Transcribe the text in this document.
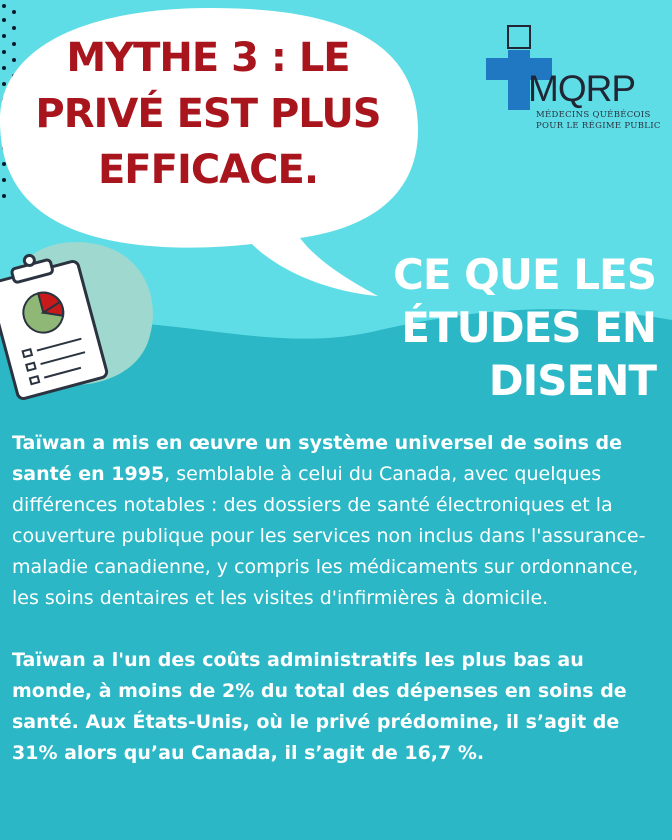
MYTHE 3 : LE
PRIVÉ EST PLUS
EFFICACE.
MQRP
MÉDECINS QUÉBÉCOIS
POUR LE RÉGIME PUBLIC
CE QUE LES
ÉTUDES EN
DISENT

Taïwan a mis en œuvre un système universel de soins de santé en 1995, semblable à celui du Canada, avec quelques différences notables : des dossiers de santé électroniques et la couverture publique pour les services non inclus dans l'assurance-maladie canadienne, y compris les médicaments sur ordonnance, les soins dentaires et les visites d'infirmières à domicile.

Taïwan a l'un des coûts administratifs les plus bas au monde, à moins de 2% du total des dépenses en soins de santé. Aux États-Unis, où le privé prédomine, il s’agit de 31% alors qu’au Canada, il s’agit de 16,7 %.
